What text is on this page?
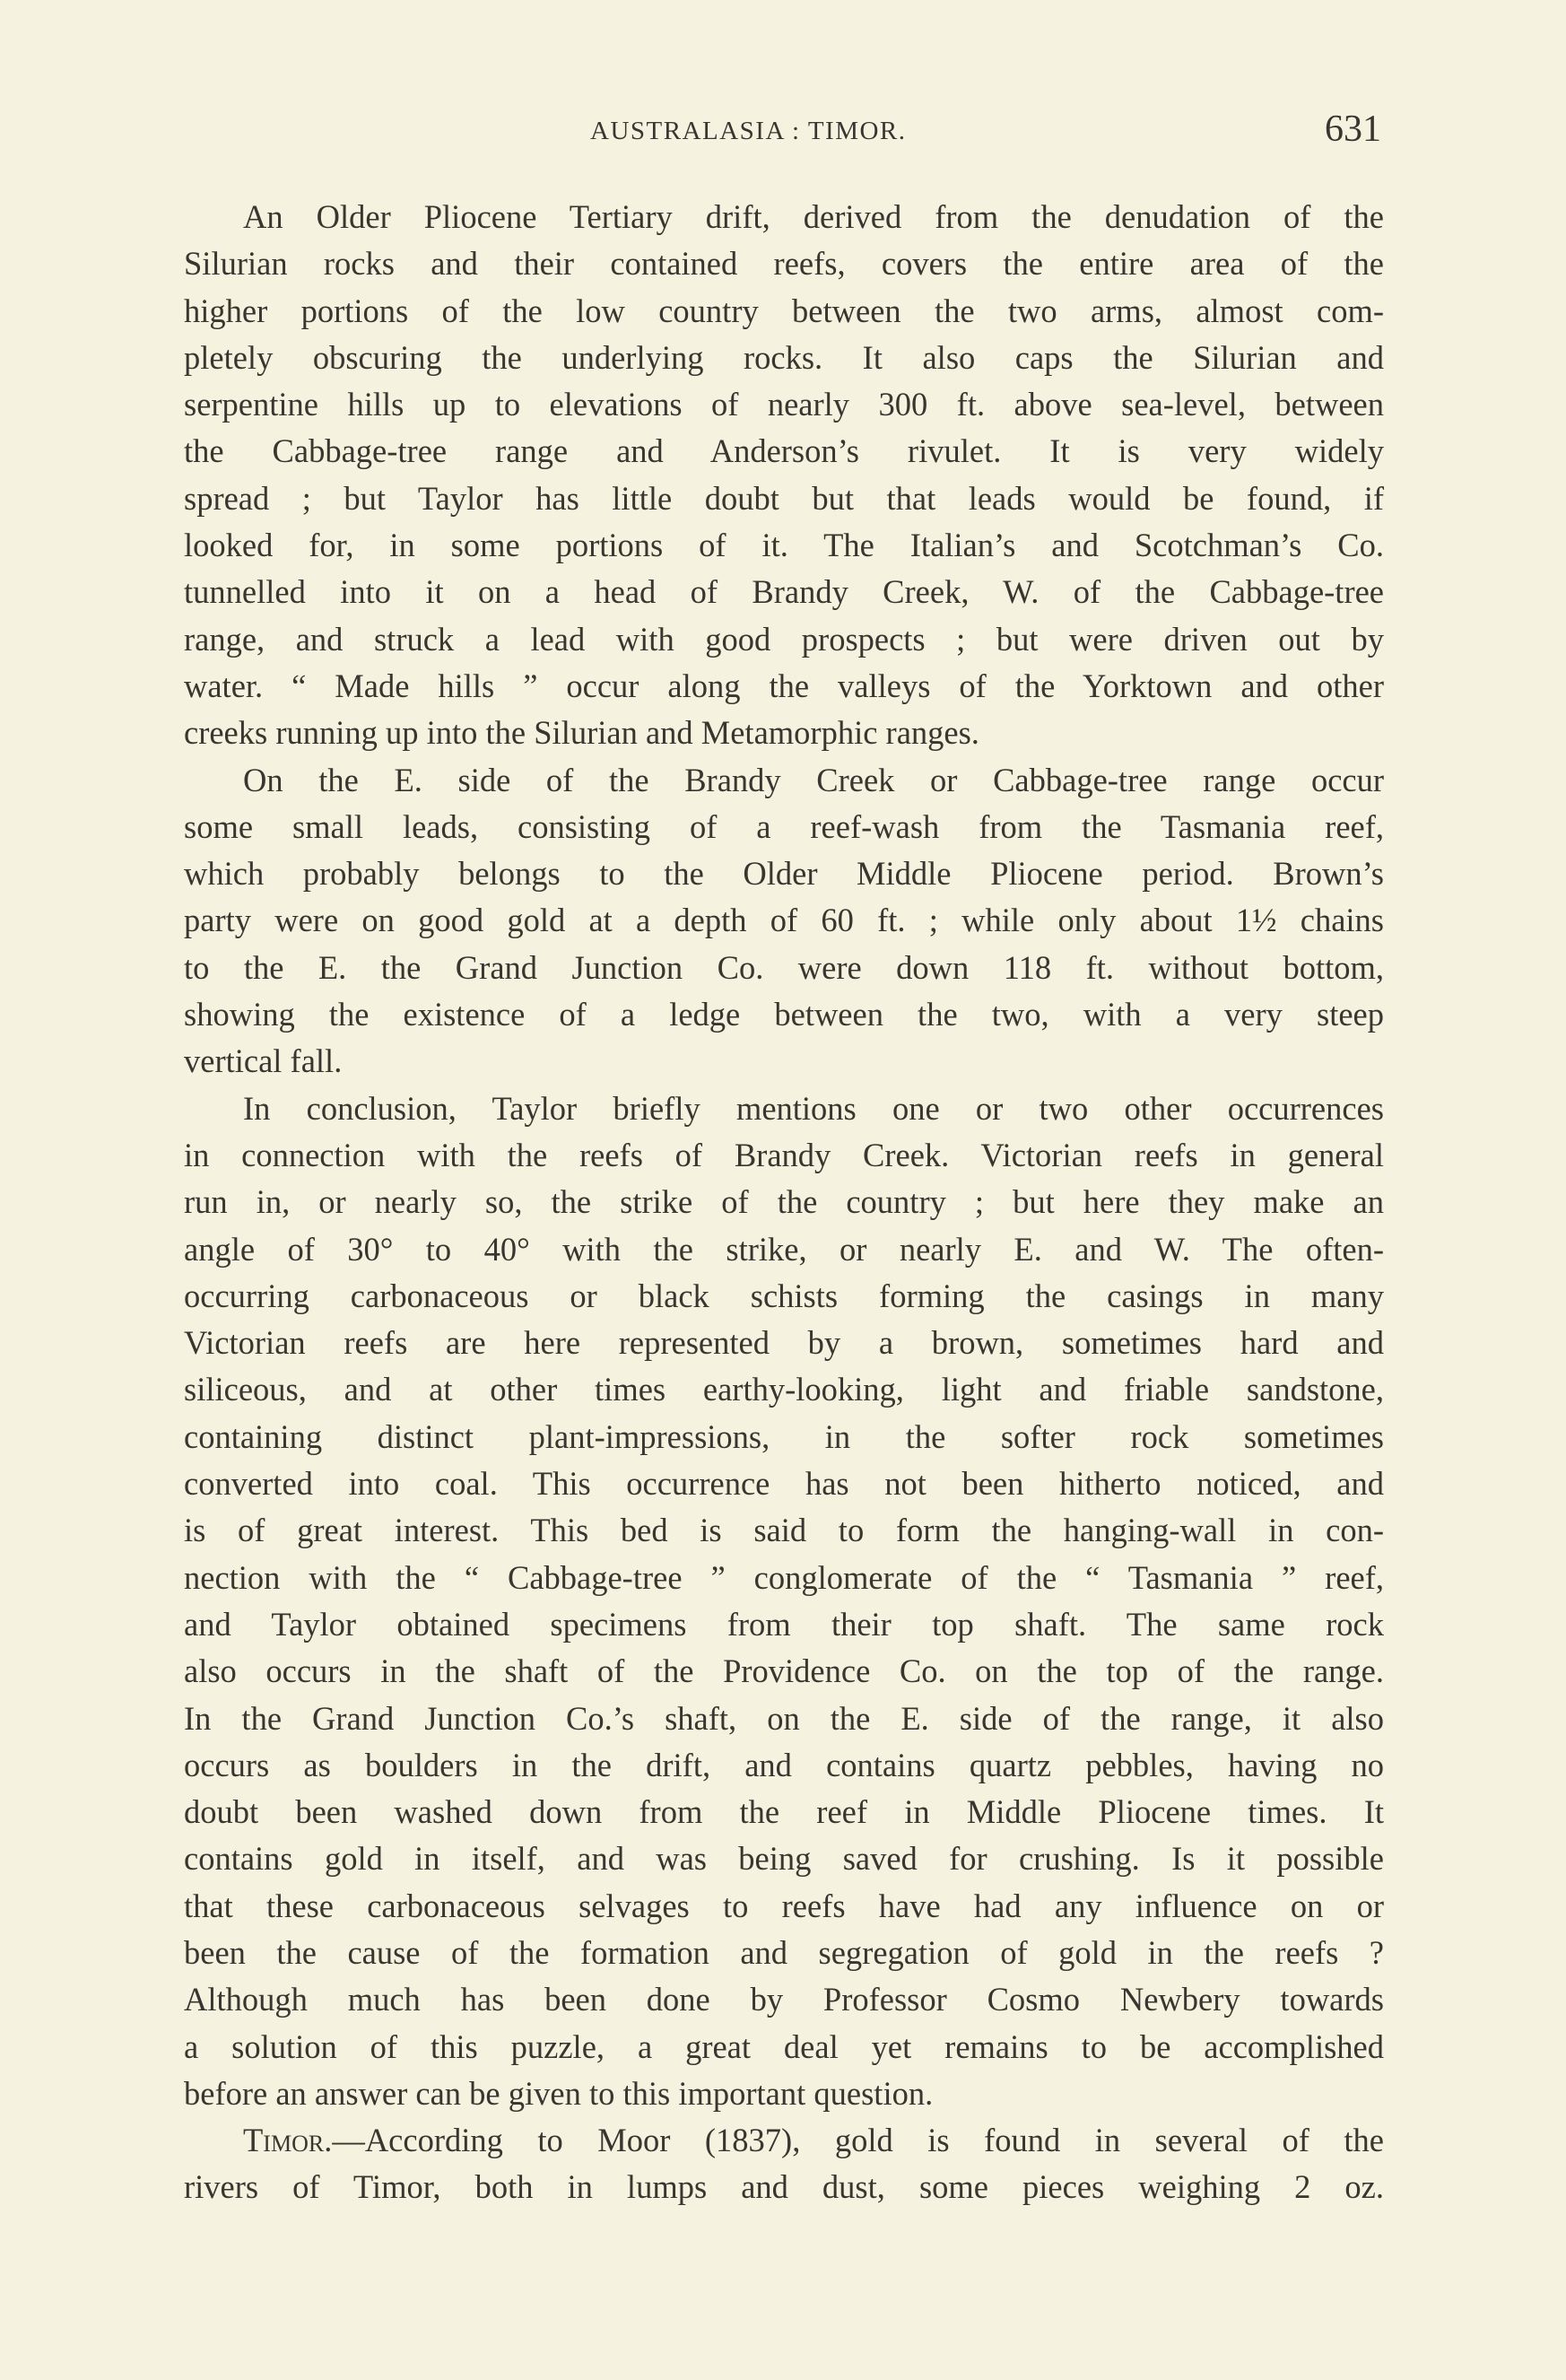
AUSTRALASIA : TIMOR.	631
An Older Pliocene Tertiary drift, derived from the denudation of the
Silurian rocks and their contained reefs, covers the entire area of the
higher portions of the low country between the two arms, almost com-
pletely obscuring the underlying rocks. It also caps the Silurian and
serpentine hills up to elevations of nearly 300 ft. above sea-level, between
the Cabbage-tree range and Anderson’s rivulet. It is very widely
spread ; but Taylor has little doubt but that leads would be found, if
looked for, in some portions of it. The Italian’s and Scotchman’s Co.
tunnelled into it on a head of Brandy Creek, W. of the Cabbage-tree
range, and struck a lead with good prospects ; but were driven out by
water. “ Made hills ” occur along the valleys of the Yorktown and other
creeks running up into the Silurian and Metamorphic ranges.
On the E. side of the Brandy Creek or Cabbage-tree range occur
some small leads, consisting of a reef-wash from the Tasmania reef,
which probably belongs to the Older Middle Pliocene period. Brown’s
party were on good gold at a depth of 60 ft. ; while only about 1½ chains
to the E. the Grand Junction Co. were down 118 ft. without bottom,
showing the existence of a ledge between the two, with a very steep
vertical fall.
In conclusion, Taylor briefly mentions one or two other occurrences
in connection with the reefs of Brandy Creek. Victorian reefs in general
run in, or nearly so, the strike of the country ; but here they make an
angle of 30° to 40° with the strike, or nearly E. and W. The often-
occurring carbonaceous or black schists forming the casings in many
Victorian reefs are here represented by a brown, sometimes hard and
siliceous, and at other times earthy-looking, light and friable sandstone,
containing distinct plant-impressions, in the softer rock sometimes
converted into coal. This occurrence has not been hitherto noticed, and
is of great interest. This bed is said to form the hanging-wall in con-
nection with the “ Cabbage-tree ” conglomerate of the “ Tasmania ” reef,
and Taylor obtained specimens from their top shaft. The same rock
also occurs in the shaft of the Providence Co. on the top of the range.
In the Grand Junction Co.’s shaft, on the E. side of the range, it also
occurs as boulders in the drift, and contains quartz pebbles, having no
doubt been washed down from the reef in Middle Pliocene times. It
contains gold in itself, and was being saved for crushing. Is it possible
that these carbonaceous selvages to reefs have had any influence on or
been the cause of the formation and segregation of gold in the reefs ?
Although much has been done by Professor Cosmo Newbery towards
a solution of this puzzle, a great deal yet remains to be accomplished
before an answer can be given to this important question.
Timor.—According to Moor (1837), gold is found in several of the
rivers of Timor, both in lumps and dust, some pieces weighing 2 oz.
